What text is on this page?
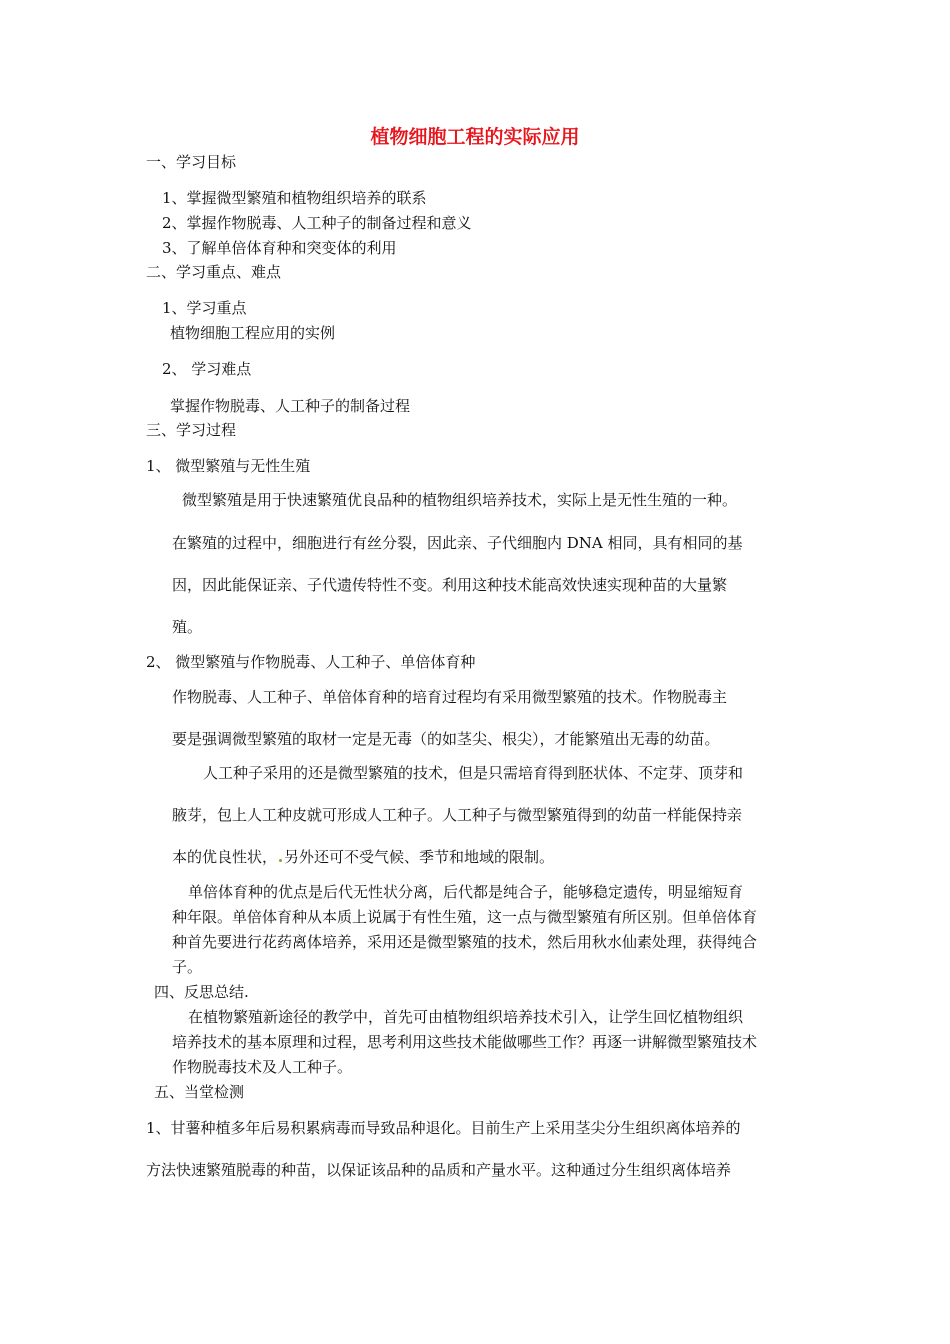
植物细胞工程的实际应用
一、学习目标
1、掌握微型繁殖和植物组织培养的联系
2、掌握作物脱毒、人工种子的制备过程和意义
3、了解单倍体育种和突变体的利用
二、学习重点、难点
1、学习重点
植物细胞工程应用的实例
2、 学习难点
掌握作物脱毒、人工种子的制备过程
三、学习过程
1、 微型繁殖与无性生殖
微型繁殖是用于快速繁殖优良品种的植物组织培养技术，实际上是无性生殖的一种。
在繁殖的过程中，细胞进行有丝分裂，因此亲、子代细胞内 DNA 相同，具有相同的基
因，因此能保证亲、子代遗传特性不变。利用这种技术能高效快速实现种苗的大量繁
殖。
2、 微型繁殖与作物脱毒、人工种子、单倍体育种
作物脱毒、人工种子、单倍体育种的培育过程均有采用微型繁殖的技术。作物脱毒主
要是强调微型繁殖的取材一定是无毒（的如茎尖、根尖），才能繁殖出无毒的幼苗。
人工种子采用的还是微型繁殖的技术，但是只需培育得到胚状体、不定芽、顶芽和
腋芽，包上人工种皮就可形成人工种子。人工种子与微型繁殖得到的幼苗一样能保持亲
本的优良性状， 另外还可不受气候、季节和地域的限制。
单倍体育种的优点是后代无性状分离，后代都是纯合子，能够稳定遗传，明显缩短育
种年限。单倍体育种从本质上说属于有性生殖，这一点与微型繁殖有所区别。但单倍体育
种首先要进行花药离体培养，采用还是微型繁殖的技术，然后用秋水仙素处理，获得纯合
子。
四、反思总结.
在植物繁殖新途径的教学中，首先可由植物组织培养技术引入，让学生回忆植物组织
培养技术的基本原理和过程，思考利用这些技术能做哪些工作？再逐一讲解微型繁殖技术
作物脱毒技术及人工种子。
五、当堂检测
1、甘薯种植多年后易积累病毒而导致品种退化。目前生产上采用茎尖分生组织离体培养的
方法快速繁殖脱毒的种苗，以保证该品种的品质和产量水平。这种通过分生组织离体培养
